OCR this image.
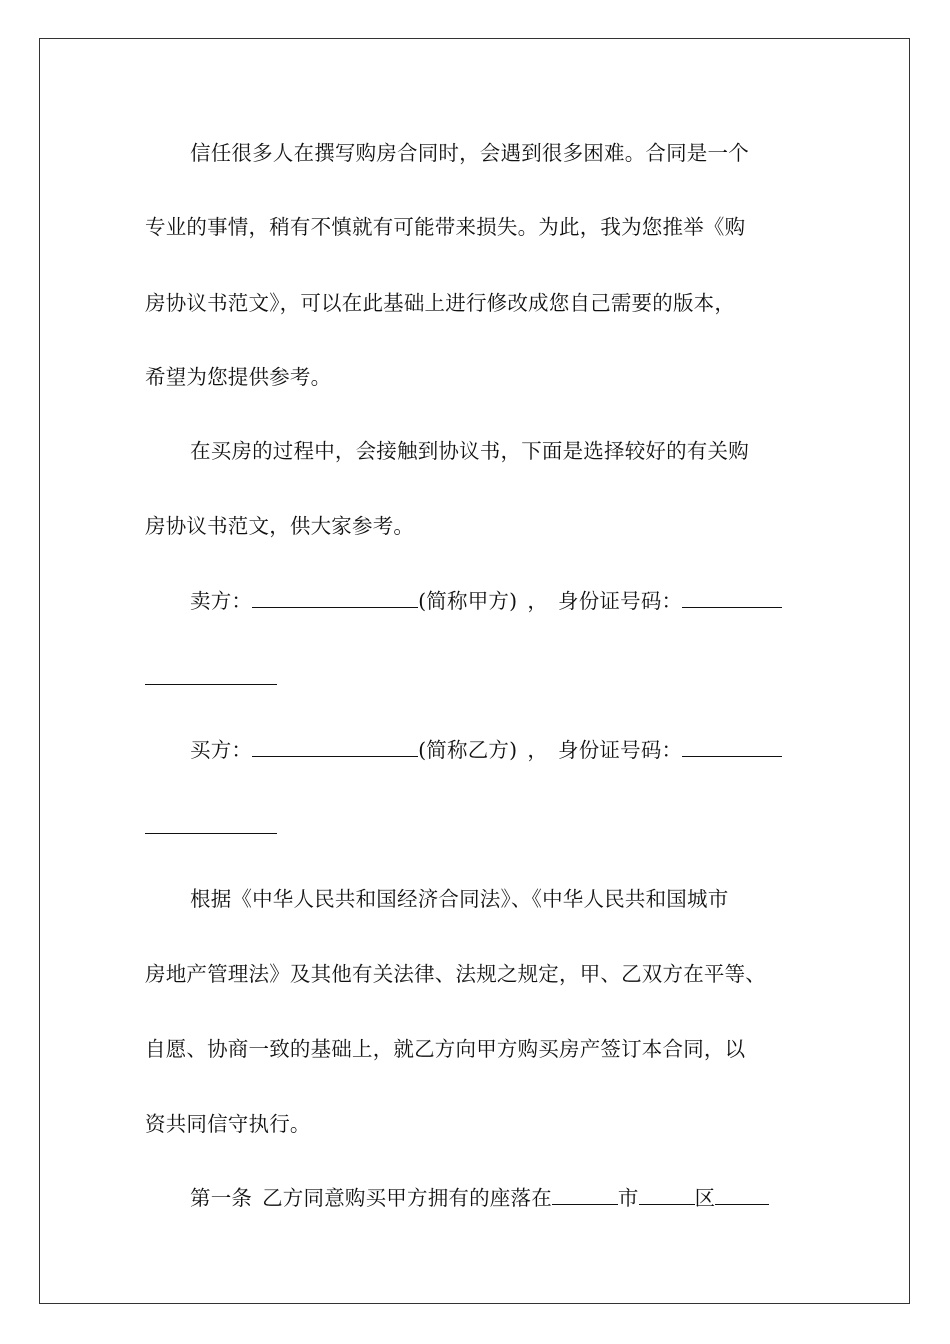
信任很多人在撰写购房合同时，会遇到很多困难。合同是一个
专业的事情，稍有不慎就有可能带来损失。为此，我为您推举《购
房协议书范文》，可以在此基础上进行修改成您自己需要的版本，
希望为您提供参考。
在买房的过程中，会接触到协议书，下面是选择较好的有关购
房协议书范文，供大家参考。
卖方：	(简称甲方) ， 身份证号码：
买方：	(简称乙方) ， 身份证号码：
根据《中华人民共和国经济合同法》、《中华人民共和国城市
房地产管理法》及其他有关法律、法规之规定，甲、乙双方在平等、
自愿、协商一致的基础上，就乙方向甲方购买房产签订本合同，以
资共同信守执行。
第一条 乙方同意购买甲方拥有的座落在	市	区
